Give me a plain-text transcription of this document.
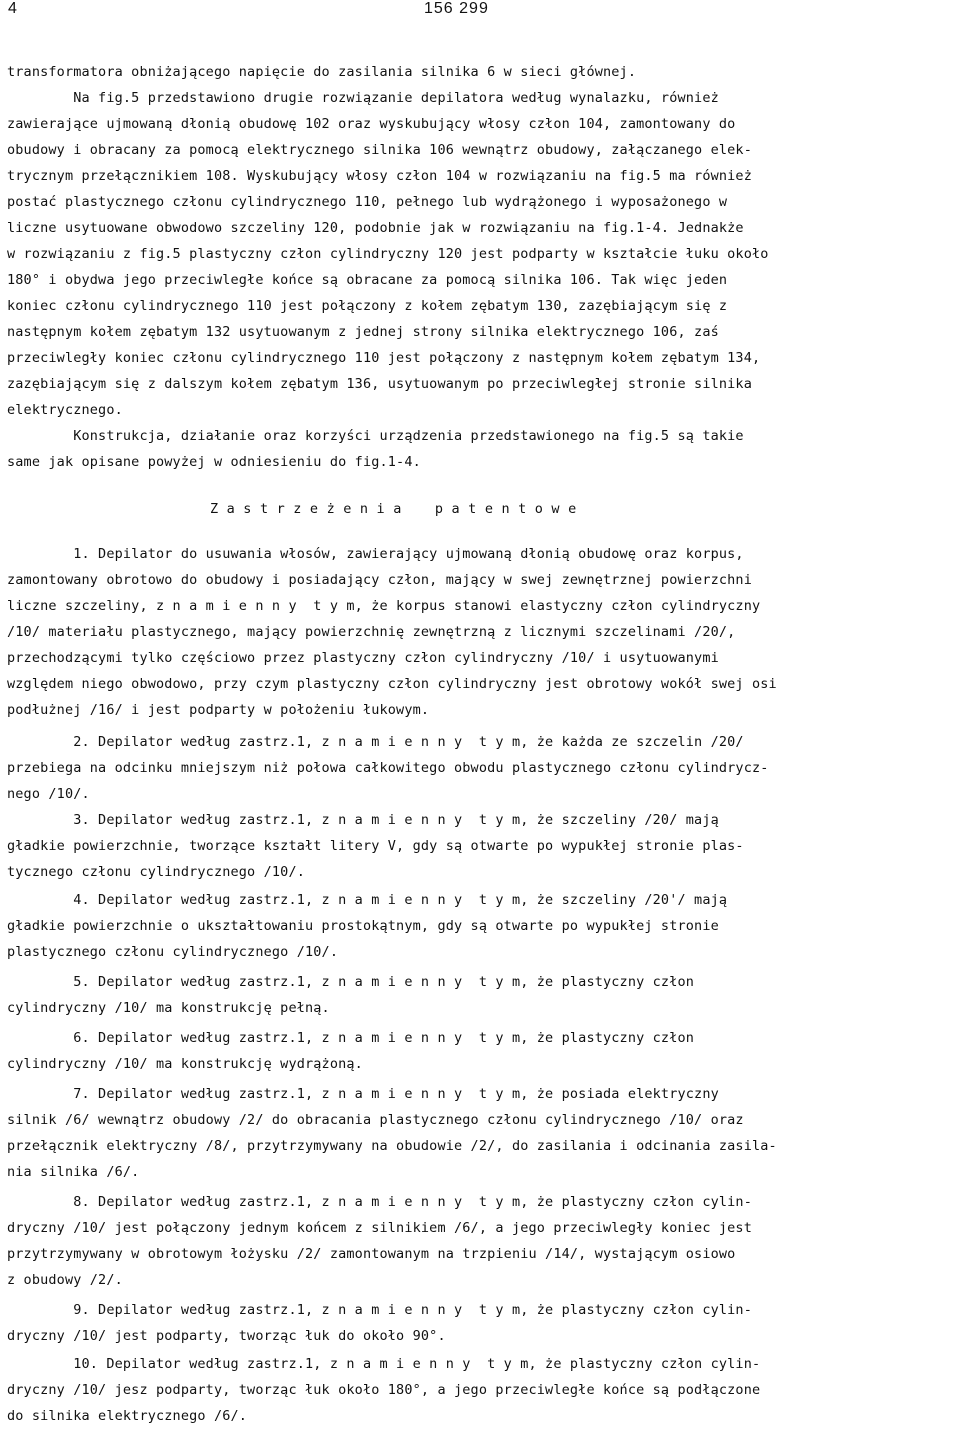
4	156 299
transformatora obniżającego napięcie do zasilania silnika 6 w sieci głównej.
Na fig.5 przedstawiono drugie rozwiązanie depilatora według wynalazku, również
zawierające ujmowaną dłonią obudowę 102 oraz wyskubujący włosy człon 104, zamontowany do
obudowy i obracany za pomocą elektrycznego silnika 106 wewnątrz obudowy, załączanego elek-
trycznym przełącznikiem 108. Wyskubujący włosy człon 104 w rozwiązaniu na fig.5 ma również
postać plastycznego członu cylindrycznego 110, pełnego lub wydrążonego i wyposażonego w
liczne usytuowane obwodowo szczeliny 120, podobnie jak w rozwiązaniu na fig.1-4. Jednakże
w rozwiązaniu z fig.5 plastyczny człon cylindryczny 120 jest podparty w kształcie łuku około
180° i obydwa jego przeciwległe końce są obracane za pomocą silnika 106. Tak więc jeden
koniec członu cylindrycznego 110 jest połączony z kołem zębatym 130, zazębiającym się z
następnym kołem zębatym 132 usytuowanym z jednej strony silnika elektrycznego 106, zaś
przeciwległy koniec członu cylindrycznego 110 jest połączony z następnym kołem zębatym 134,
zazębiającym się z dalszym kołem zębatym 136, usytuowanym po przeciwległej stronie silnika
elektrycznego.
Konstrukcja, działanie oraz korzyści urządzenia przedstawionego na fig.5 są takie
same jak opisane powyżej w odniesieniu do fig.1-4.
Z a s t r z e ż e n i a    p a t e n t o w e
1. Depilator do usuwania włosów, zawierający ujmowaną dłonią obudowę oraz korpus,
zamontowany obrotowo do obudowy i posiadający człon, mający w swej zewnętrznej powierzchni
liczne szczeliny, z n a m i e n n y  t y m, że korpus stanowi elastyczny człon cylindryczny
/10/ materiału plastycznego, mający powierzchnię zewnętrzną z licznymi szczelinami /20/,
przechodzącymi tylko częściowo przez plastyczny człon cylindryczny /10/ i usytuowanymi
względem niego obwodowo, przy czym plastyczny człon cylindryczny jest obrotowy wokół swej osi
podłużnej /16/ i jest podparty w położeniu łukowym.
2. Depilator według zastrz.1, z n a m i e n n y  t y m, że każda ze szczelin /20/
przebiega na odcinku mniejszym niż połowa całkowitego obwodu plastycznego członu cylindrycz-
nego /10/.
3. Depilator według zastrz.1, z n a m i e n n y  t y m, że szczeliny /20/ mają
gładkie powierzchnie, tworzące kształt litery V, gdy są otwarte po wypukłej stronie plas-
tycznego członu cylindrycznego /10/.
4. Depilator według zastrz.1, z n a m i e n n y  t y m, że szczeliny /20'/ mają
gładkie powierzchnie o ukształtowaniu prostokątnym, gdy są otwarte po wypukłej stronie
plastycznego członu cylindrycznego /10/.
5. Depilator według zastrz.1, z n a m i e n n y  t y m, że plastyczny człon
cylindryczny /10/ ma konstrukcję pełną.
6. Depilator według zastrz.1, z n a m i e n n y  t y m, że plastyczny człon
cylindryczny /10/ ma konstrukcję wydrążoną.
7. Depilator według zastrz.1, z n a m i e n n y  t y m, że posiada elektryczny
silnik /6/ wewnątrz obudowy /2/ do obracania plastycznego członu cylindrycznego /10/ oraz
przełącznik elektryczny /8/, przytrzymywany na obudowie /2/, do zasilania i odcinania zasila-
nia silnika /6/.
8. Depilator według zastrz.1, z n a m i e n n y  t y m, że plastyczny człon cylin-
dryczny /10/ jest połączony jednym końcem z silnikiem /6/, a jego przeciwległy koniec jest
przytrzymywany w obrotowym łożysku /2/ zamontowanym na trzpieniu /14/, wystającym osiowo
z obudowy /2/.
9. Depilator według zastrz.1, z n a m i e n n y  t y m, że plastyczny człon cylin-
dryczny /10/ jest podparty, tworząc łuk do około 90°.
10. Depilator według zastrz.1, z n a m i e n n y  t y m, że plastyczny człon cylin-
dryczny /10/ jesz podparty, tworząc łuk około 180°, a jego przeciwległe końce są podłączone
do silnika elektrycznego /6/.
